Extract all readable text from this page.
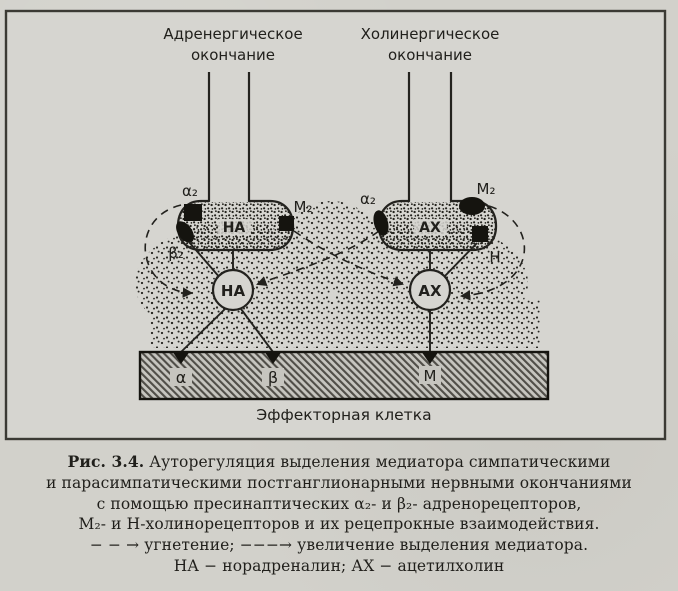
Адренергическое
окончание
Холинергическое
окончание
α₂
М₂
β₂
α₂
М₂
Н
НА	АХ
НА	АХ
α	β	М
Эффекторная клетка
Рис. 3.4. Ауторегуляция выделения медиатора симпатическими
и парасимпатическими постганглионарными нервными окончаниями
с помощью пресинаптических α₂- и β₂- адренорецепторов,
М₂- и Н-холинорецепторов и их рецепрокные взаимодействия.
− − → угнетение; −−−→ увеличение выделения медиатора.
НА − норадреналин; АХ − ацетилхолин
